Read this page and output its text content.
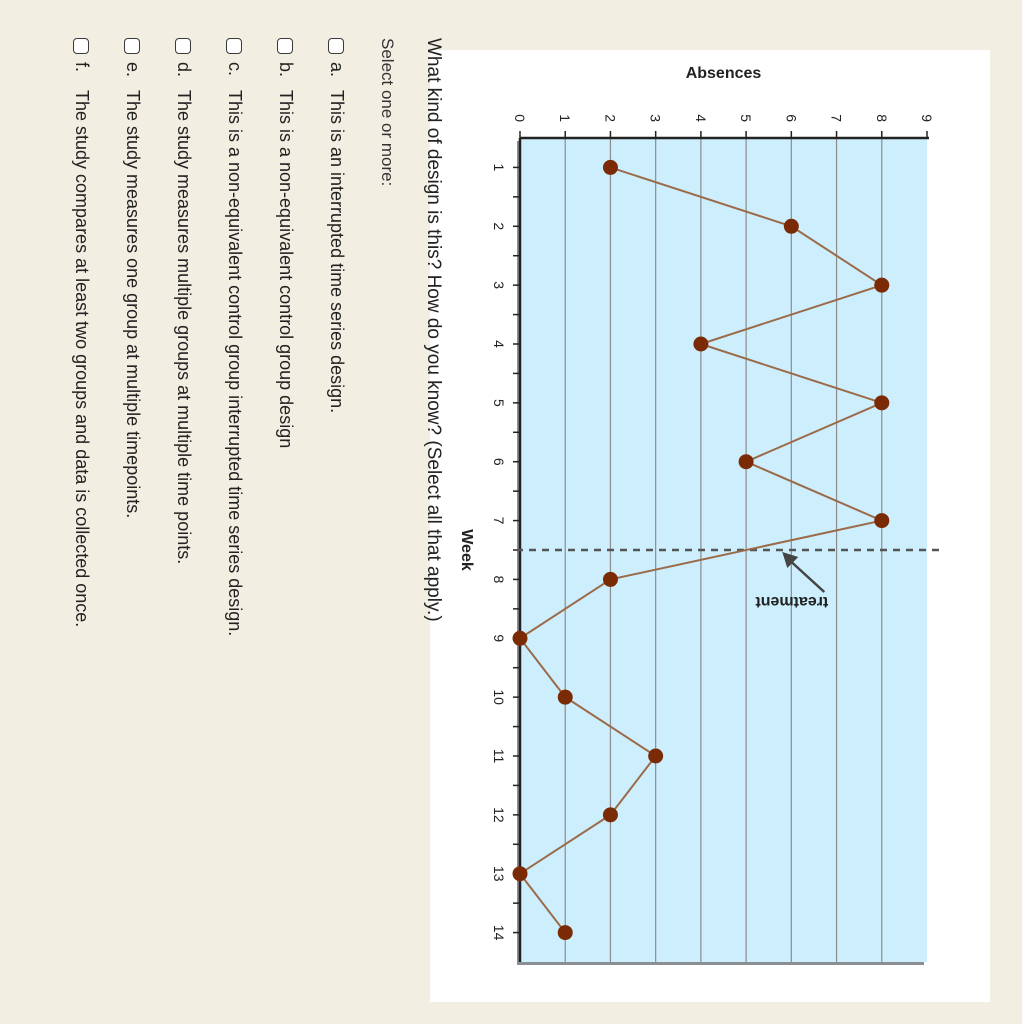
1
2
3
4
5
6
7
8
9
10
11
12
13
14
0 1 2 3 4 5 6 7 8 9
Absences
Week
treatment
What kind of design is this? How do you know? (Select all that apply.)
Select one or more:
a.
This is an interrupted time series design.
b.
This is a non-equivalent control group design
c.
This is a non-equivalent control group interrupted time series design.
d.
The study measures multiple groups at multiple time points.
e.
The study measures one group at multiple timepoints.
f.
The study compares at least two groups and data is collected once.
